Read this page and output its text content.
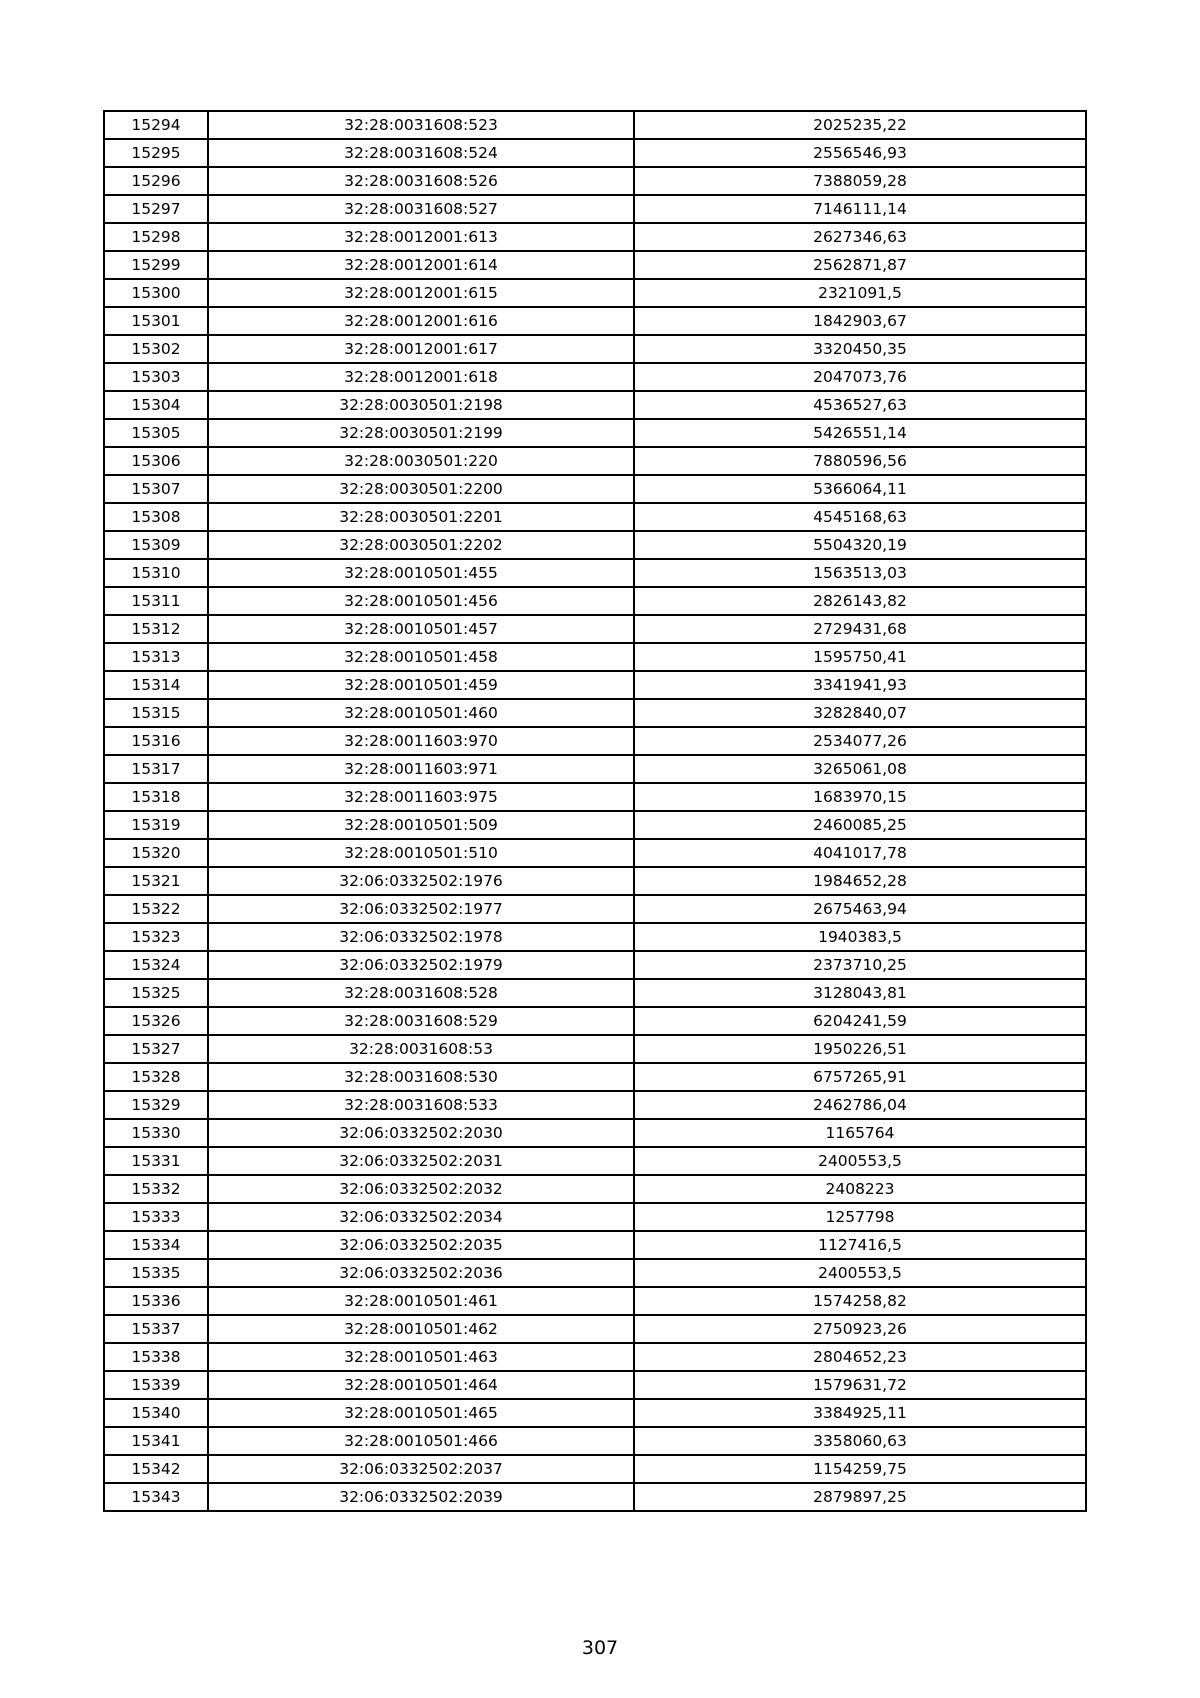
15294	32:28:0031608:523	2025235,22
15295	32:28:0031608:524	2556546,93
15296	32:28:0031608:526	7388059,28
15297	32:28:0031608:527	7146111,14
15298	32:28:0012001:613	2627346,63
15299	32:28:0012001:614	2562871,87
15300	32:28:0012001:615	2321091,5
15301	32:28:0012001:616	1842903,67
15302	32:28:0012001:617	3320450,35
15303	32:28:0012001:618	2047073,76
15304	32:28:0030501:2198	4536527,63
15305	32:28:0030501:2199	5426551,14
15306	32:28:0030501:220	7880596,56
15307	32:28:0030501:2200	5366064,11
15308	32:28:0030501:2201	4545168,63
15309	32:28:0030501:2202	5504320,19
15310	32:28:0010501:455	1563513,03
15311	32:28:0010501:456	2826143,82
15312	32:28:0010501:457	2729431,68
15313	32:28:0010501:458	1595750,41
15314	32:28:0010501:459	3341941,93
15315	32:28:0010501:460	3282840,07
15316	32:28:0011603:970	2534077,26
15317	32:28:0011603:971	3265061,08
15318	32:28:0011603:975	1683970,15
15319	32:28:0010501:509	2460085,25
15320	32:28:0010501:510	4041017,78
15321	32:06:0332502:1976	1984652,28
15322	32:06:0332502:1977	2675463,94
15323	32:06:0332502:1978	1940383,5
15324	32:06:0332502:1979	2373710,25
15325	32:28:0031608:528	3128043,81
15326	32:28:0031608:529	6204241,59
15327	32:28:0031608:53	1950226,51
15328	32:28:0031608:530	6757265,91
15329	32:28:0031608:533	2462786,04
15330	32:06:0332502:2030	1165764
15331	32:06:0332502:2031	2400553,5
15332	32:06:0332502:2032	2408223
15333	32:06:0332502:2034	1257798
15334	32:06:0332502:2035	1127416,5
15335	32:06:0332502:2036	2400553,5
15336	32:28:0010501:461	1574258,82
15337	32:28:0010501:462	2750923,26
15338	32:28:0010501:463	2804652,23
15339	32:28:0010501:464	1579631,72
15340	32:28:0010501:465	3384925,11
15341	32:28:0010501:466	3358060,63
15342	32:06:0332502:2037	1154259,75
15343	32:06:0332502:2039	2879897,25
307
